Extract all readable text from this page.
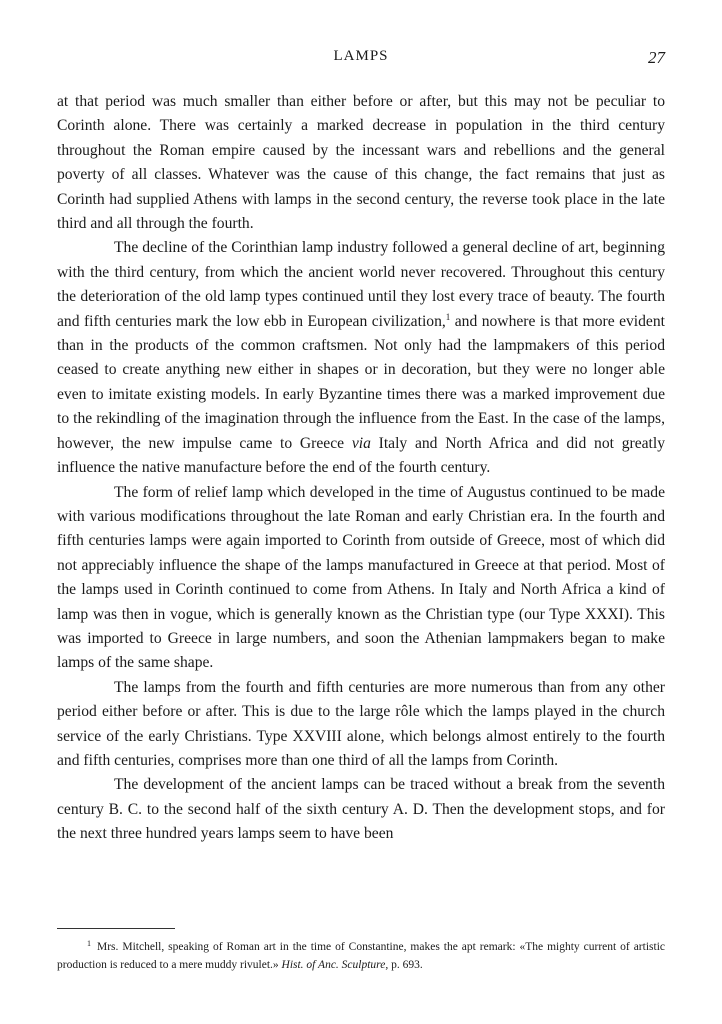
LAMPS	27

at that period was much smaller than either before or after, but this may not be peculiar to Corinth alone. There was certainly a marked decrease in population in the third century throughout the Roman empire caused by the incessant wars and rebellions and the general poverty of all classes. Whatever was the cause of this change, the fact remains that just as Corinth had supplied Athens with lamps in the second century, the reverse took place in the late third and all through the fourth.

The decline of the Corinthian lamp industry followed a general decline of art, beginning with the third century, from which the ancient world never recovered. Throughout this century the deterioration of the old lamp types continued until they lost every trace of beauty. The fourth and fifth centuries mark the low ebb in European civilization,$^1$ and nowhere is that more evident than in the products of the common craftsmen. Not only had the lampmakers of this period ceased to create anything new either in shapes or in decoration, but they were no longer able even to imitate existing models. In early Byzantine times there was a marked improvement due to the rekindling of the imagination through the influence from the East. In the case of the lamps, however, the new impulse came to Greece via Italy and North Africa and did not greatly influence the native manufacture before the end of the fourth century.

The form of relief lamp which developed in the time of Augustus continued to be made with various modifications throughout the late Roman and early Christian era. In the fourth and fifth centuries lamps were again imported to Corinth from outside of Greece, most of which did not appreciably influence the shape of the lamps manufactured in Greece at that period. Most of the lamps used in Corinth continued to come from Athens. In Italy and North Africa a kind of lamp was then in vogue, which is generally known as the Christian type (our Type XXXI). This was imported to Greece in large numbers, and soon the Athenian lampmakers began to make lamps of the same shape.

The lamps from the fourth and fifth centuries are more numerous than from any other period either before or after. This is due to the large rôle which the lamps played in the church service of the early Christians. Type XXVIII alone, which belongs almost entirely to the fourth and fifth centuries, comprises more than one third of all the lamps from Corinth.

The development of the ancient lamps can be traced without a break from the seventh century B. C. to the second half of the sixth century A. D. Then the development stops, and for the next three hundred years lamps seem to have been

$^1$ Mrs. Mitchell, speaking of Roman art in the time of Constantine, makes the apt remark: «The mighty current of artistic production is reduced to a mere muddy rivulet.» Hist. of Anc. Sculpture, p. 693.
